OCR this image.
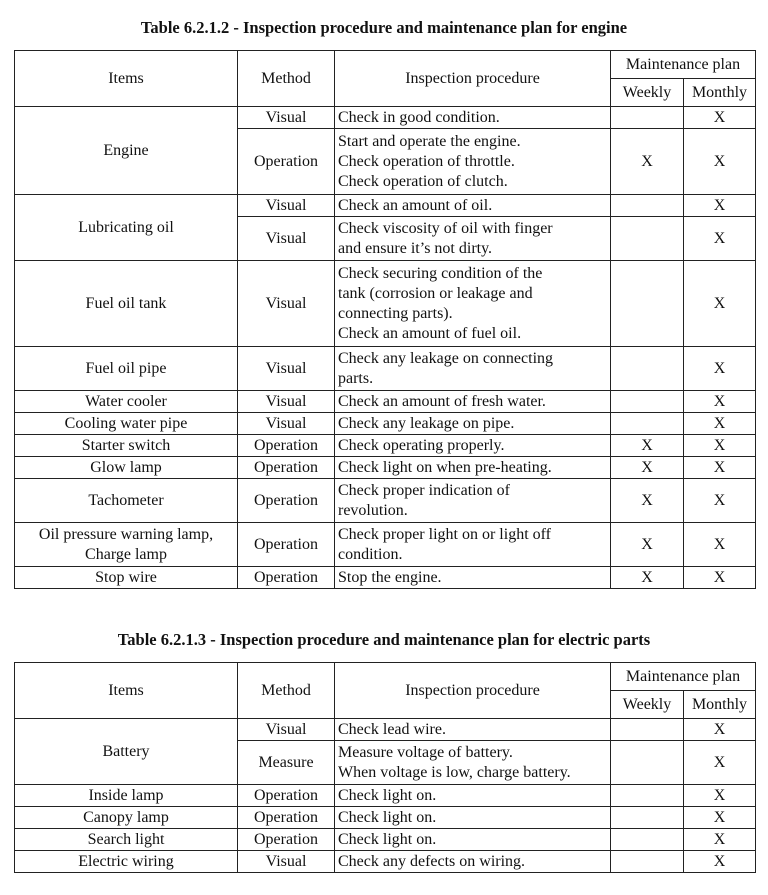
Table 6.2.1.2 - Inspection procedure and maintenance plan for engine
Items	Method	Inspection procedure	Maintenance plan	
			Weekly	Monthly
Engine	Visual	Check in good condition.		X
	Operation	Start and operate the engine.
Check operation of throttle.
Check operation of clutch.	X	X
Lubricating oil	Visual	Check an amount of oil.		X
	Visual	Check viscosity of oil with finger
and ensure it’s not dirty.		X
Fuel oil tank	Visual	Check securing condition of the
tank (corrosion or leakage and
connecting parts).
Check an amount of fuel oil.		X
Fuel oil pipe	Visual	Check any leakage on connecting
parts.		X
Water cooler	Visual	Check an amount of fresh water.		X
Cooling water pipe	Visual	Check any leakage on pipe.		X
Starter switch	Operation	Check operating properly.	X	X
Glow lamp	Operation	Check light on when pre-heating.	X	X
Tachometer	Operation	Check proper indication of
revolution.	X	X
Oil pressure warning lamp,
Charge lamp	Operation	Check proper light on or light off
condition.	X	X
Stop wire	Operation	Stop the engine.	X	X
Table 6.2.1.3 - Inspection procedure and maintenance plan for electric parts
Items	Method	Inspection procedure	Maintenance plan	
			Weekly	Monthly
Battery	Visual	Check lead wire.		X
	Measure	Measure voltage of battery.
When voltage is low, charge battery.		X
Inside lamp	Operation	Check light on.		X
Canopy lamp	Operation	Check light on.		X
Search light	Operation	Check light on.		X
Electric wiring	Visual	Check any defects on wiring.		X
